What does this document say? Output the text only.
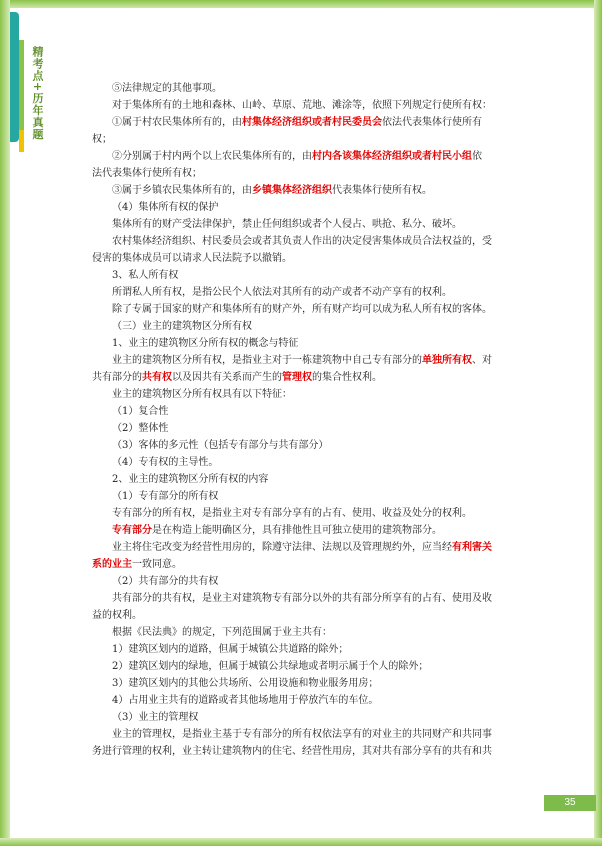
精考点+历年真题	⑤法律规定的其他事项。

对于集体所有的土地和森林、山岭、草原、荒地、滩涂等，依照下列规定行使所有权：

①属于村农民集体所有的，由村集体经济组织或者村民委员会依法代表集体行使所有

权；

②分别属于村内两个以上农民集体所有的，由村内各该集体经济组织或者村民小组依

法代表集体行使所有权；

③属于乡镇农民集体所有的，由乡镇集体经济组织代表集体行使所有权。

（4）集体所有权的保护

集体所有的财产受法律保护，禁止任何组织或者个人侵占、哄抢、私分、破坏。

农村集体经济组织、村民委员会或者其负责人作出的决定侵害集体成员合法权益的，受

侵害的集体成员可以请求人民法院予以撤销。

3、私人所有权

所谓私人所有权，是指公民个人依法对其所有的动产或者不动产享有的权利。

除了专属于国家的财产和集体所有的财产外，所有财产均可以成为私人所有权的客体。

（三）业主的建筑物区分所有权

1、业主的建筑物区分所有权的概念与特征

业主的建筑物区分所有权，是指业主对于一栋建筑物中自己专有部分的单独所有权、对

共有部分的共有权以及因共有关系而产生的管理权的集合性权利。

业主的建筑物区分所有权具有以下特征：

（1）复合性

（2）整体性

（3）客体的多元性（包括专有部分与共有部分）

（4）专有权的主导性。

2、业主的建筑物区分所有权的内容

（1）专有部分的所有权

专有部分的所有权，是指业主对专有部分享有的占有、使用、收益及处分的权利。

专有部分是在构造上能明确区分，具有排他性且可独立使用的建筑物部分。

业主将住宅改变为经营性用房的，除遵守法律、法规以及管理规约外，应当经有利害关

系的业主一致同意。

（2）共有部分的共有权

共有部分的共有权，是业主对建筑物专有部分以外的共有部分所享有的占有、使用及收

益的权利。

根据《民法典》的规定，下列范围属于业主共有：

1）建筑区划内的道路，但属于城镇公共道路的除外；

2）建筑区划内的绿地，但属于城镇公共绿地或者明示属于个人的除外；

3）建筑区划内的其他公共场所、公用设施和物业服务用房；

4）占用业主共有的道路或者其他场地用于停放汽车的车位。

（3）业主的管理权

业主的管理权，是指业主基于专有部分的所有权依法享有的对业主的共同财产和共同事

务进行管理的权利，业主转让建筑物内的住宅、经营性用房，其对共有部分享有的共有和共

35
